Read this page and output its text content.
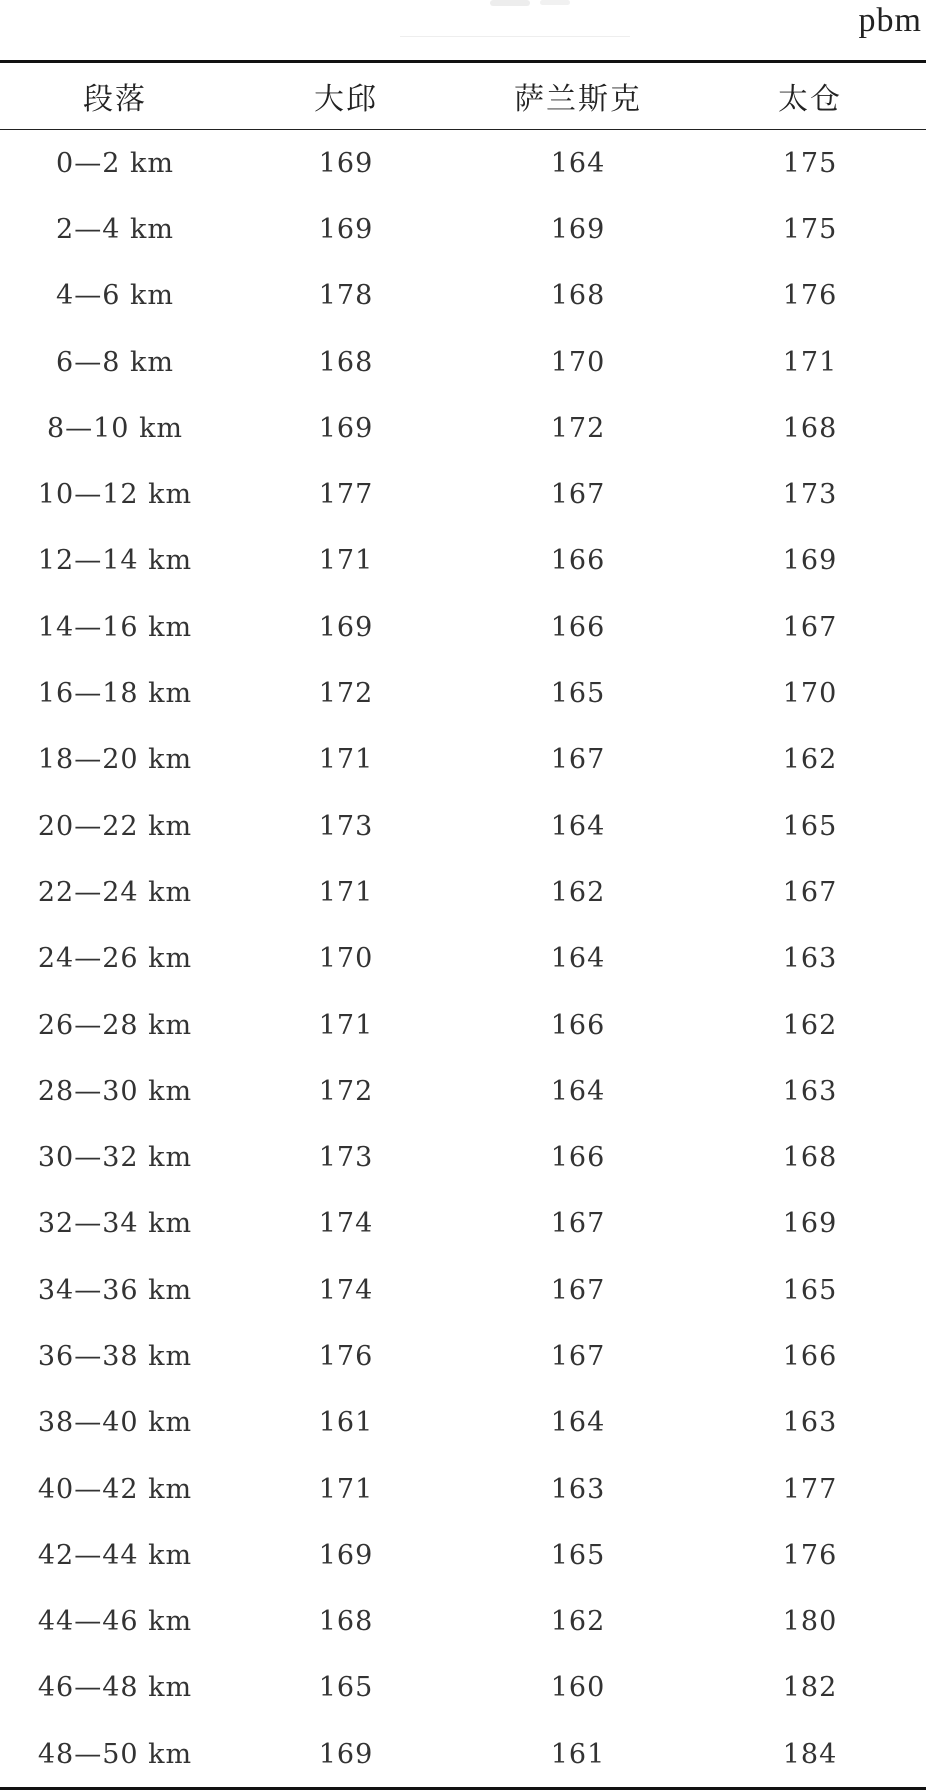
pbm
段落	大邱	萨兰斯克	太仓
0—2 km	169	164	175
2—4 km	169	169	175
4—6 km	178	168	176
6—8 km	168	170	171
8—10 km	169	172	168
10—12 km	177	167	173
12—14 km	171	166	169
14—16 km	169	166	167
16—18 km	172	165	170
18—20 km	171	167	162
20—22 km	173	164	165
22—24 km	171	162	167
24—26 km	170	164	163
26—28 km	171	166	162
28—30 km	172	164	163
30—32 km	173	166	168
32—34 km	174	167	169
34—36 km	174	167	165
36—38 km	176	167	166
38—40 km	161	164	163
40—42 km	171	163	177
42—44 km	169	165	176
44—46 km	168	162	180
46—48 km	165	160	182
48—50 km	169	161	184
